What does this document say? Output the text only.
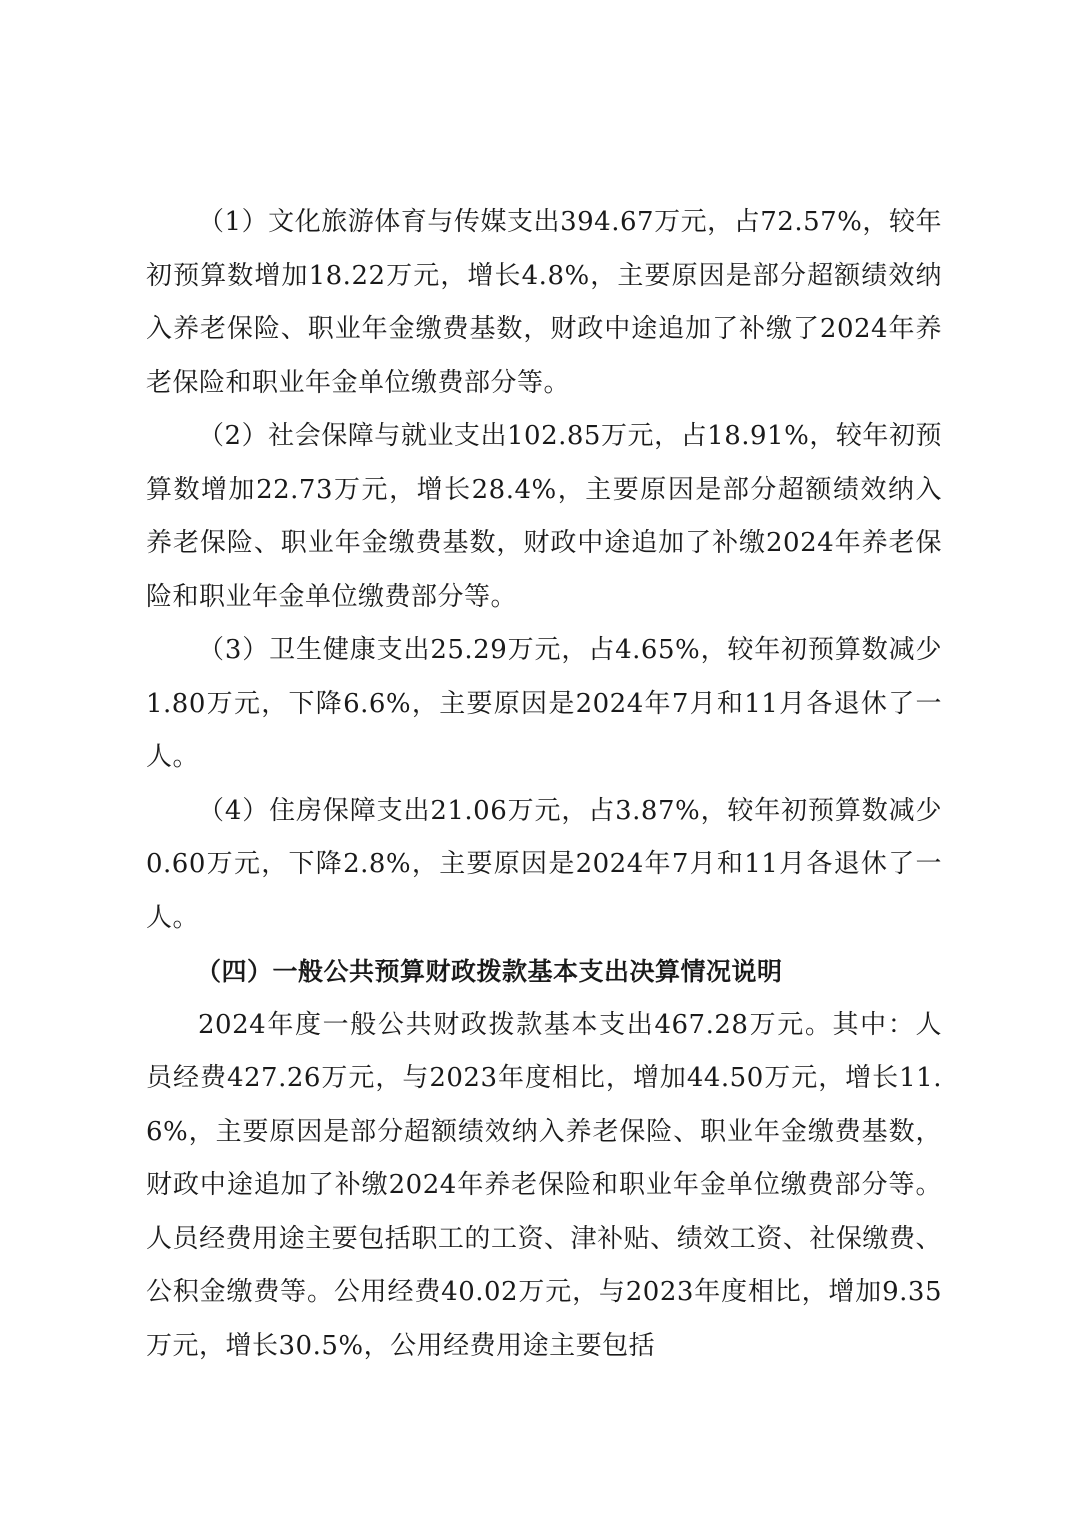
（1）文化旅游体育与传媒支出394.67万元，占72.57%，较年初预算数增加18.22万元，增长4.8%，主要原因是部分超额绩效纳入养老保险、职业年金缴费基数，财政中途追加了补缴了2024年养老保险和职业年金单位缴费部分等。

（2）社会保障与就业支出102.85万元，占18.91%，较年初预算数增加22.73万元，增长28.4%，主要原因是部分超额绩效纳入养老保险、职业年金缴费基数，财政中途追加了补缴2024年养老保险和职业年金单位缴费部分等。

（3）卫生健康支出25.29万元，占4.65%，较年初预算数减少1.80万元，下降6.6%，主要原因是2024年7月和11月各退休了一人。

（4）住房保障支出21.06万元，占3.87%，较年初预算数减少0.60万元，下降2.8%，主要原因是2024年7月和11月各退休了一人。

（四）一般公共预算财政拨款基本支出决算情况说明

2024年度一般公共财政拨款基本支出467.28万元。其中：人员经费427.26万元，与2023年度相比，增加44.50万元，增长11.6%，主要原因是部分超额绩效纳入养老保险、职业年金缴费基数，财政中途追加了补缴2024年养老保险和职业年金单位缴费部分等。人员经费用途主要包括职工的工资、津补贴、绩效工资、社保缴费、公积金缴费等。公用经费40.02万元，与2023年度相比，增加9.35万元，增长30.5%，公用经费用途主要包括
